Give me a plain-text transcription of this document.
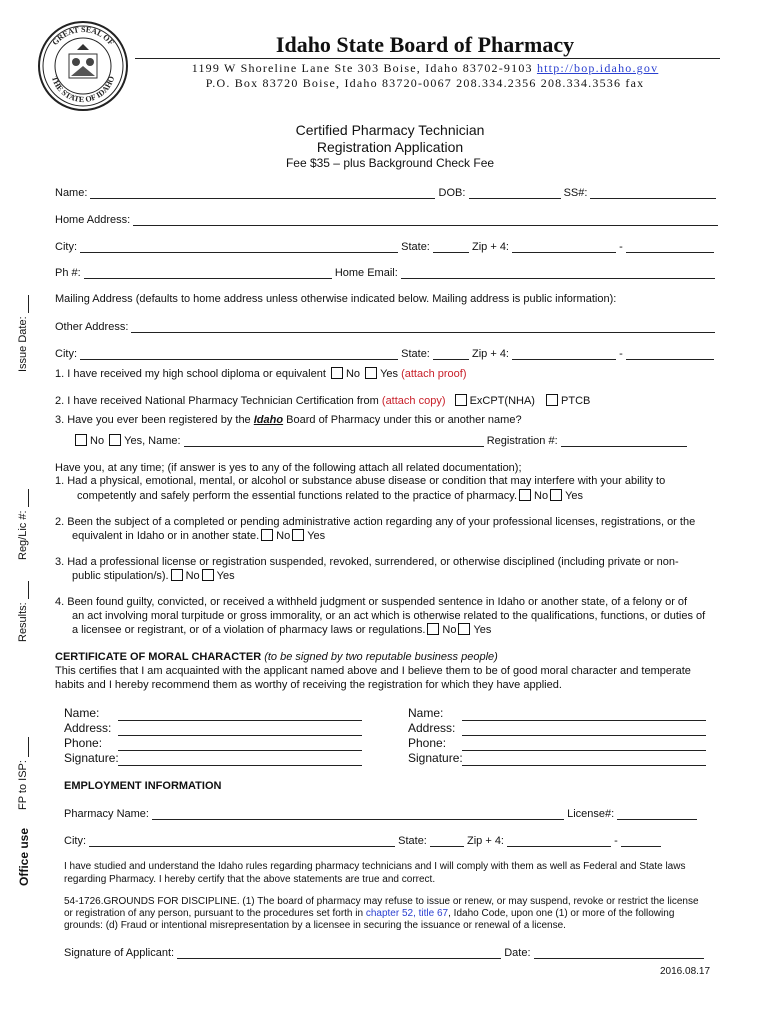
GREAT SEAL OF
THE STATE OF IDAHO
Idaho State Board of Pharmacy
1199 W Shoreline Lane Ste 303 Boise, Idaho 83702-9103 http://bop.idaho.gov
P.O. Box 83720 Boise, Idaho 83720-0067 208.334.2356 208.334.3536 fax
Certified Pharmacy Technician
Registration Application
Fee $35 – plus Background Check Fee
Name:	DOB:	SS#:
Home Address:
City:	State:	Zip + 4:	-
Ph #:	Home Email:
Mailing Address (defaults to home address unless otherwise indicated below. Mailing address is public information):
Other Address:
City:	State:	Zip + 4:	-
1. I have received my high school diploma or equivalent No Yes (attach proof)
2. I have received National Pharmacy Technician Certification from (attach copy) ExCPT(NHA) PTCB
3. Have you ever been registered by the Idaho Board of Pharmacy under this or another name?
No Yes, Name:	Registration #:
Have you, at any time; (if answer is yes to any of the following attach all related documentation);
1. Had a physical, emotional, mental, or alcohol or substance abuse disease or condition that may interfere with your ability to
competently and safely perform the essential functions related to the practice of pharmacy. No Yes
2. Been the subject of a completed or pending administrative action regarding any of your professional licenses, registrations, or the
equivalent in Idaho or in another state. No Yes
3. Had a professional license or registration suspended, revoked, surrendered, or otherwise disciplined (including private or non-
public stipulation/s). No Yes
4. Been found guilty, convicted, or received a withheld judgment or suspended sentence in Idaho or another state, of a felony or of
an act involving moral turpitude or gross immorality, or an act which is otherwise related to the qualifications, functions, or duties of
a licensee or registrant, or of a violation of pharmacy laws or regulations. No Yes
CERTIFICATE OF MORAL CHARACTER (to be signed by two reputable business people)
This certifies that I am acquainted with the applicant named above and I believe them to be of good moral character and temperate
habits and I hereby recommend them as worthy of receiving the registration for which they have applied.
Name:
Address:
Phone:
Signature:
Name:
Address:
Phone:
Signature:
EMPLOYMENT INFORMATION
Pharmacy Name:	License#:
City:	State:	Zip + 4:	-
I have studied and understand the Idaho rules regarding pharmacy technicians and I will comply with them as well as Federal and State laws
regarding Pharmacy. I hereby certify that the above statements are true and correct.
54-1726.GROUNDS FOR DISCIPLINE. (1) The board of pharmacy may refuse to issue or renew, or may suspend, revoke or restrict the license
or registration of any person, pursuant to the procedures set forth in chapter 52, title 67, Idaho Code, upon one (1) or more of the following
grounds: (d) Fraud or intentional misrepresentation by a licensee in securing the issuance or renewal of a license.
Signature of Applicant:	Date:
2016.08.17
Issue Date:
Reg/Lic #:
Results:
FP to ISP:
Office use
